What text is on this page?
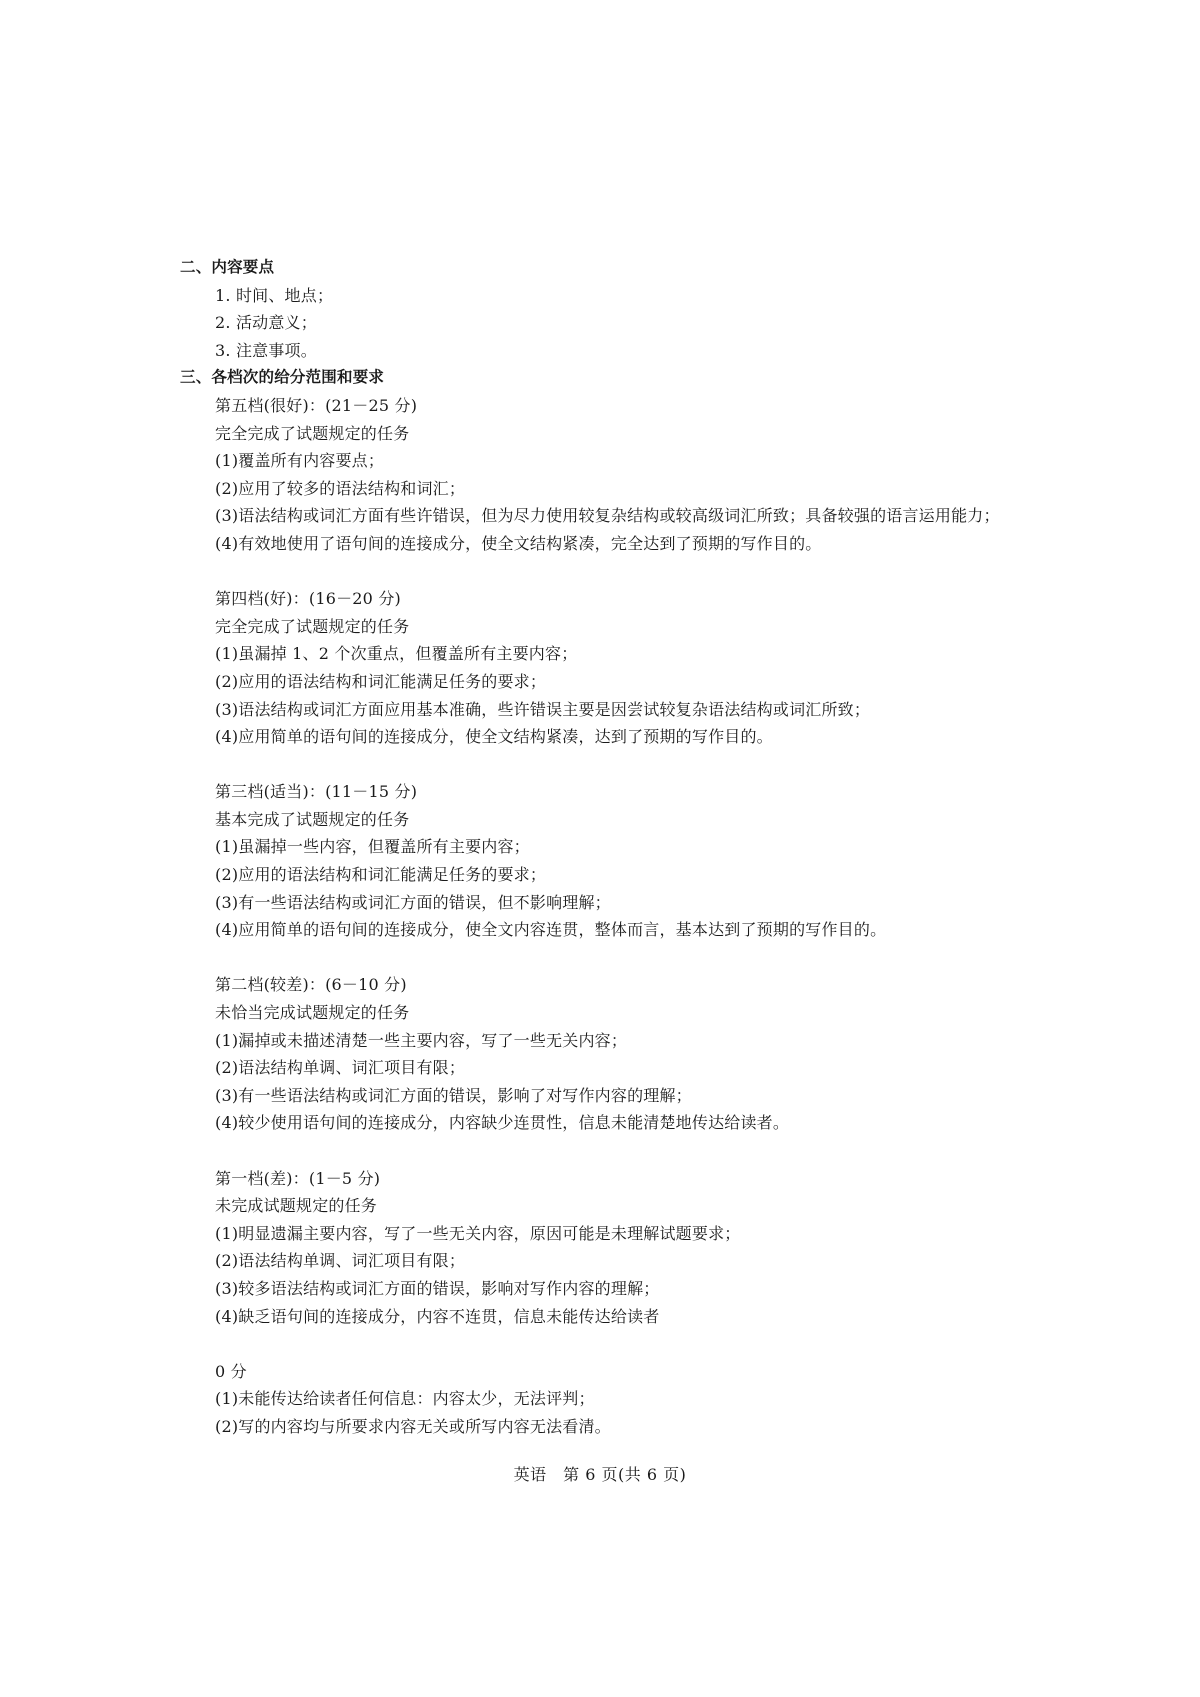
二、内容要点
1. 时间、地点；
2. 活动意义；
3. 注意事项。
三、各档次的给分范围和要求
第五档(很好)：(21－25 分)
完全完成了试题规定的任务
(1)覆盖所有内容要点；
(2)应用了较多的语法结构和词汇；
(3)语法结构或词汇方面有些许错误，但为尽力使用较复杂结构或较高级词汇所致；具备较强的语言运用能力；
(4)有效地使用了语句间的连接成分，使全文结构紧凑，完全达到了预期的写作目的。
第四档(好)：(16－20 分)
完全完成了试题规定的任务
(1)虽漏掉 1、2 个次重点，但覆盖所有主要内容；
(2)应用的语法结构和词汇能满足任务的要求；
(3)语法结构或词汇方面应用基本准确，些许错误主要是因尝试较复杂语法结构或词汇所致；
(4)应用简单的语句间的连接成分，使全文结构紧凑，达到了预期的写作目的。
第三档(适当)：(11－15 分)
基本完成了试题规定的任务
(1)虽漏掉一些内容，但覆盖所有主要内容；
(2)应用的语法结构和词汇能满足任务的要求；
(3)有一些语法结构或词汇方面的错误，但不影响理解；
(4)应用简单的语句间的连接成分，使全文内容连贯，整体而言，基本达到了预期的写作目的。
第二档(较差)：(6－10 分)
未恰当完成试题规定的任务
(1)漏掉或未描述清楚一些主要内容，写了一些无关内容；
(2)语法结构单调、词汇项目有限；
(3)有一些语法结构或词汇方面的错误，影响了对写作内容的理解；
(4)较少使用语句间的连接成分，内容缺少连贯性，信息未能清楚地传达给读者。
第一档(差)：(1－5 分)
未完成试题规定的任务
(1)明显遗漏主要内容，写了一些无关内容，原因可能是未理解试题要求；
(2)语法结构单调、词汇项目有限；
(3)较多语法结构或词汇方面的错误，影响对写作内容的理解；
(4)缺乏语句间的连接成分，内容不连贯，信息未能传达给读者
0 分
(1)未能传达给读者任何信息：内容太少，无法评判；
(2)写的内容均与所要求内容无关或所写内容无法看清。
英语　第 6 页(共 6 页)
